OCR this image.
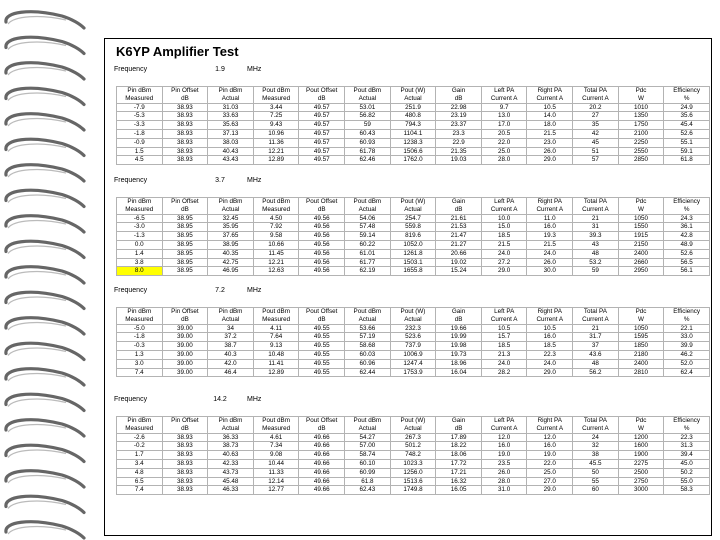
K6YP Amplifier Test
Frequency	1.9	MHz
Pin dBm	Pin Offset	Pin dBm	Pout dBm	Pout Offset	Pout dBm	Pout (W)	Gain	Left PA	Right PA	Total PA	Pdc	Efficiency
Measured	dB	Actual	Measured	dB	Actual	Actual	dB	Current A	Current A	Current A	W	%
-7.9	38.93	31.03	3.44	49.57	53.01	251.9	22.98	9.7	10.5	20.2	1010	24.9
-5.3	38.93	33.63	7.25	49.57	56.82	480.8	23.19	13.0	14.0	27	1350	35.6
-3.3	38.93	35.63	9.43	49.57	59	794.3	23.37	17.0	18.0	35	1750	45.4
-1.8	38.93	37.13	10.96	49.57	60.43	1104.1	23.3	20.5	21.5	42	2100	52.6
-0.9	38.93	38.03	11.36	49.57	60.93	1238.3	22.9	22.0	23.0	45	2250	55.1
1.5	38.93	40.43	12.21	49.57	61.78	1506.6	21.35	25.0	26.0	51	2550	59.1
4.5	38.93	43.43	12.89	49.57	62.46	1762.0	19.03	28.0	29.0	57	2850	61.8
Frequency	3.7	MHz
Pin dBm	Pin Offset	Pin dBm	Pout dBm	Pout Offset	Pout dBm	Pout (W)	Gain	Left PA	Right PA	Total PA	Pdc	Efficiency
Measured	dB	Actual	Measured	dB	Actual	Actual	dB	Current A	Current A	Current A	W	%
-6.5	38.95	32.45	4.50	49.56	54.06	254.7	21.61	10.0	11.0	21	1050	24.3
-3.0	38.95	35.95	7.92	49.56	57.48	559.8	21.53	15.0	16.0	31	1550	36.1
-1.3	38.95	37.65	9.58	49.56	59.14	819.6	21.47	18.5	19.3	39.3	1915	42.8
0.0	38.95	38.95	10.66	49.56	60.22	1052.0	21.27	21.5	21.5	43	2150	48.9
1.4	38.95	40.35	11.45	49.56	61.01	1261.8	20.66	24.0	24.0	48	2400	52.6
3.8	38.95	42.75	12.21	49.56	61.77	1503.1	19.02	27.2	26.0	53.2	2660	56.5
8.0	38.95	46.95	12.63	49.56	62.19	1655.8	15.24	29.0	30.0	59	2950	56.1
Frequency	7.2	MHz
Pin dBm	Pin Offset	Pin dBm	Pout dBm	Pout Offset	Pout dBm	Pout (W)	Gain	Left PA	Right PA	Total PA	Pdc	Efficiency
Measured	dB	Actual	Measured	dB	Actual	Actual	dB	Current A	Current A	Current A	W	%
-5.0	39.00	34	4.11	49.55	53.66	232.3	19.66	10.5	10.5	21	1050	22.1
-1.8	39.00	37.2	7.64	49.55	57.19	523.6	19.99	15.7	16.0	31.7	1595	33.0
-0.3	39.00	38.7	9.13	49.55	58.68	737.9	19.98	18.5	18.5	37	1850	39.9
1.3	39.00	40.3	10.48	49.55	60.03	1006.9	19.73	21.3	22.3	43.6	2180	46.2
3.0	39.00	42.0	11.41	49.55	60.96	1247.4	18.96	24.0	24.0	48	2400	52.0
7.4	39.00	46.4	12.89	49.55	62.44	1753.9	16.04	28.2	29.0	56.2	2810	62.4
Frequency	14.2	MHz
Pin dBm	Pin Offset	Pin dBm	Pout dBm	Pout Offset	Pout dBm	Pout (W)	Gain	Left PA	Right PA	Total PA	Pdc	Efficiency
Measured	dB	Actual	Measured	dB	Actual	Actual	dB	Current A	Current A	Current A	W	%
-2.6	38.93	36.33	4.61	49.66	54.27	267.3	17.89	12.0	12.0	24	1200	22.3
-0.2	38.93	38.73	7.34	49.66	57.00	501.2	18.22	16.0	16.0	32	1600	31.3
1.7	38.93	40.63	9.08	49.66	58.74	748.2	18.06	19.0	19.0	38	1900	39.4
3.4	38.93	42.33	10.44	49.66	60.10	1023.3	17.72	23.5	22.0	45.5	2275	45.0
4.8	38.93	43.73	11.33	49.66	60.99	1256.0	17.21	26.0	25.0	50	2500	50.2
6.5	38.93	45.48	12.14	49.66	61.8	1513.6	16.32	28.0	27.0	55	2750	55.0
7.4	38.93	46.33	12.77	49.66	62.43	1749.8	16.05	31.0	29.0	60	3000	58.3
